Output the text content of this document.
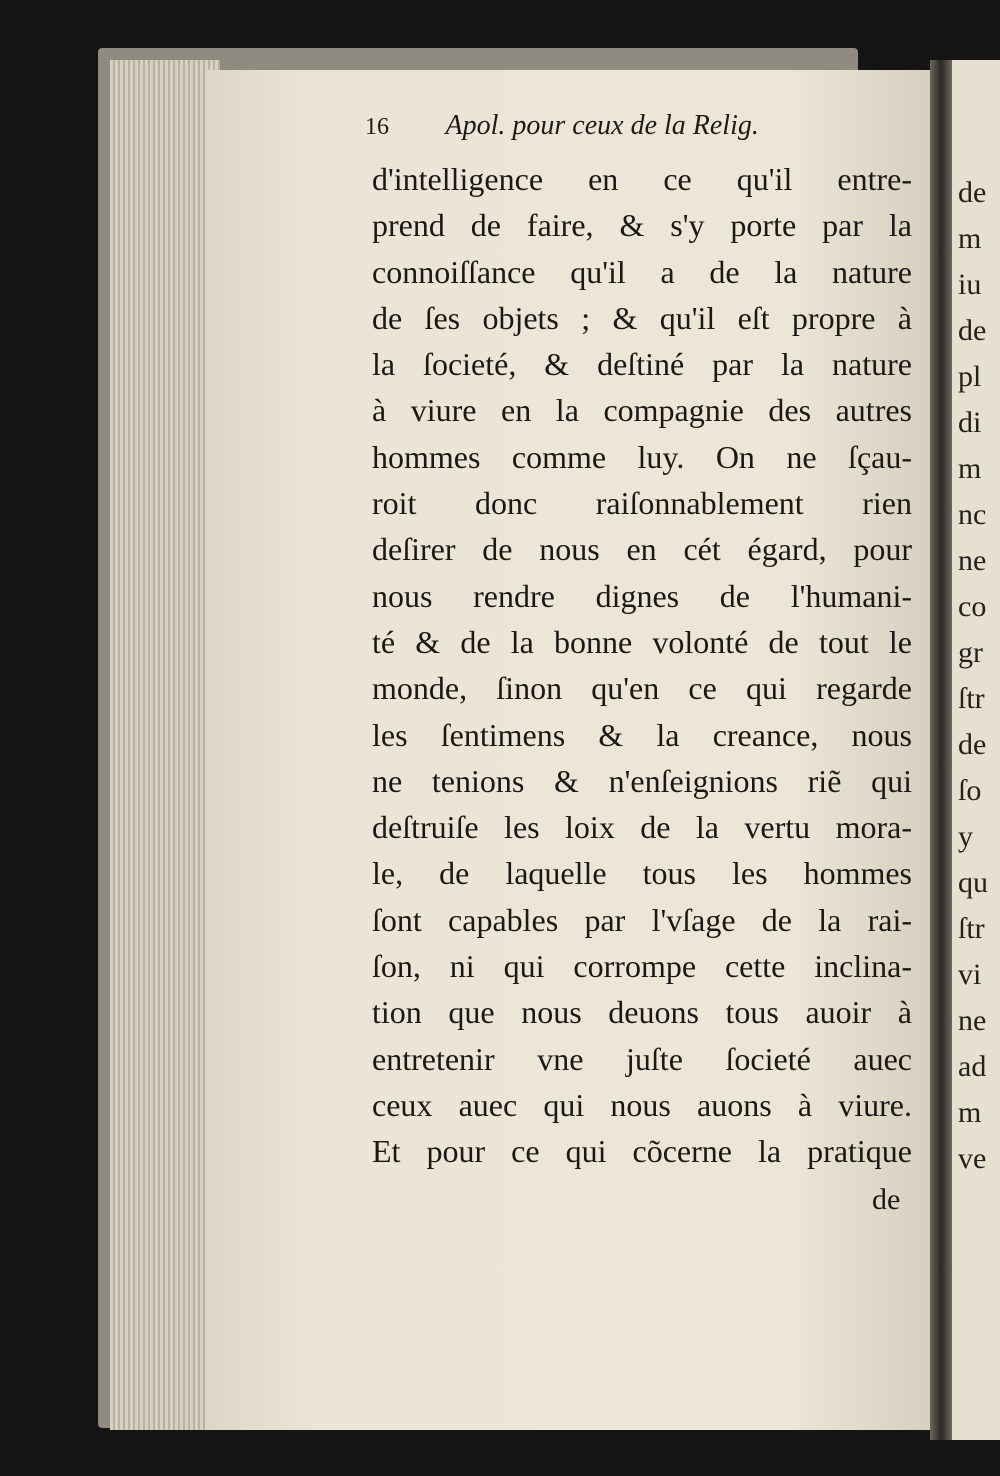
16 Apol. pour ceux de la Relig.
d'intelligence en ce qu'il entre-
prend de faire, & s'y porte par la
connoiſſance qu'il a de la nature
de ſes objets ; & qu'il eſt propre à
la ſocieté, & deſtiné par la nature
à viure en la compagnie des autres
hommes comme luy. On ne ſçau-
roit donc raiſonnablement rien
deſirer de nous en cét égard, pour
nous rendre dignes de l'humani-
té & de la bonne volonté de tout le
monde, ſinon qu'en ce qui regarde
les ſentimens & la creance, nous
ne tenions & n'enſeignions riẽ qui
deſtruiſe les loix de la vertu mora-
le, de laquelle tous les hommes
ſont capables par l'vſage de la rai-
ſon, ni qui corrompe cette inclina-
tion que nous deuons tous auoir à
entretenir vne juſte ſocieté auec
ceux auec qui nous auons à viure.
Et pour ce qui cõcerne la pratique
de
de
m
iu
de
pl
di
m
nc
ne
co
gr
ſtr
de
ſo
y
qu
ſtr
vi
ne
ad
m
ve
